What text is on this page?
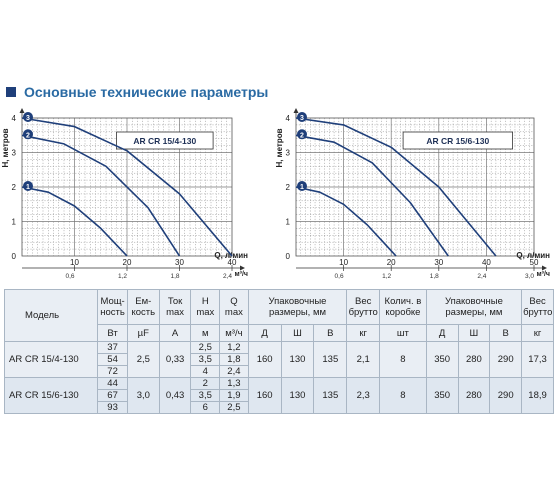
Основные технические параметры
0
1
2
3
4
H, метров
10
0,6
20
1,2
30
1,8
40
2,4
Q, л/мин
м³/ч
AR CR 15/4-130
1
2
3
0
1
2
3
4
H, метров
10
0,6
20
1,2
30
1,8
40
2,4
50
3,0
Q, л/мин
м³/ч
AR CR 15/6-130
1
2
3
Модель	Мощ-ность	Ем-кость	Ток max	H max	Q max	Упаковочные размеры, мм			Вес брутто	Колич. в коробке	Упаковочные размеры, мм			Вес брутто
	Вт	µF	A	м	м³/ч	Д	Ш	В	кг	шт	Д	Ш	В	кг
AR CR 15/4-130	37	2,5	0,33	2,5	1,2	160	130	135	2,1	8	350	280	290	17,3
	54			3,5	1,8									
	72			4	2,4									
AR CR 15/6-130	44	3,0	0,43	2	1,3	160	130	135	2,3	8	350	280	290	18,9
	67			3,5	1,9									
	93			6	2,5									
